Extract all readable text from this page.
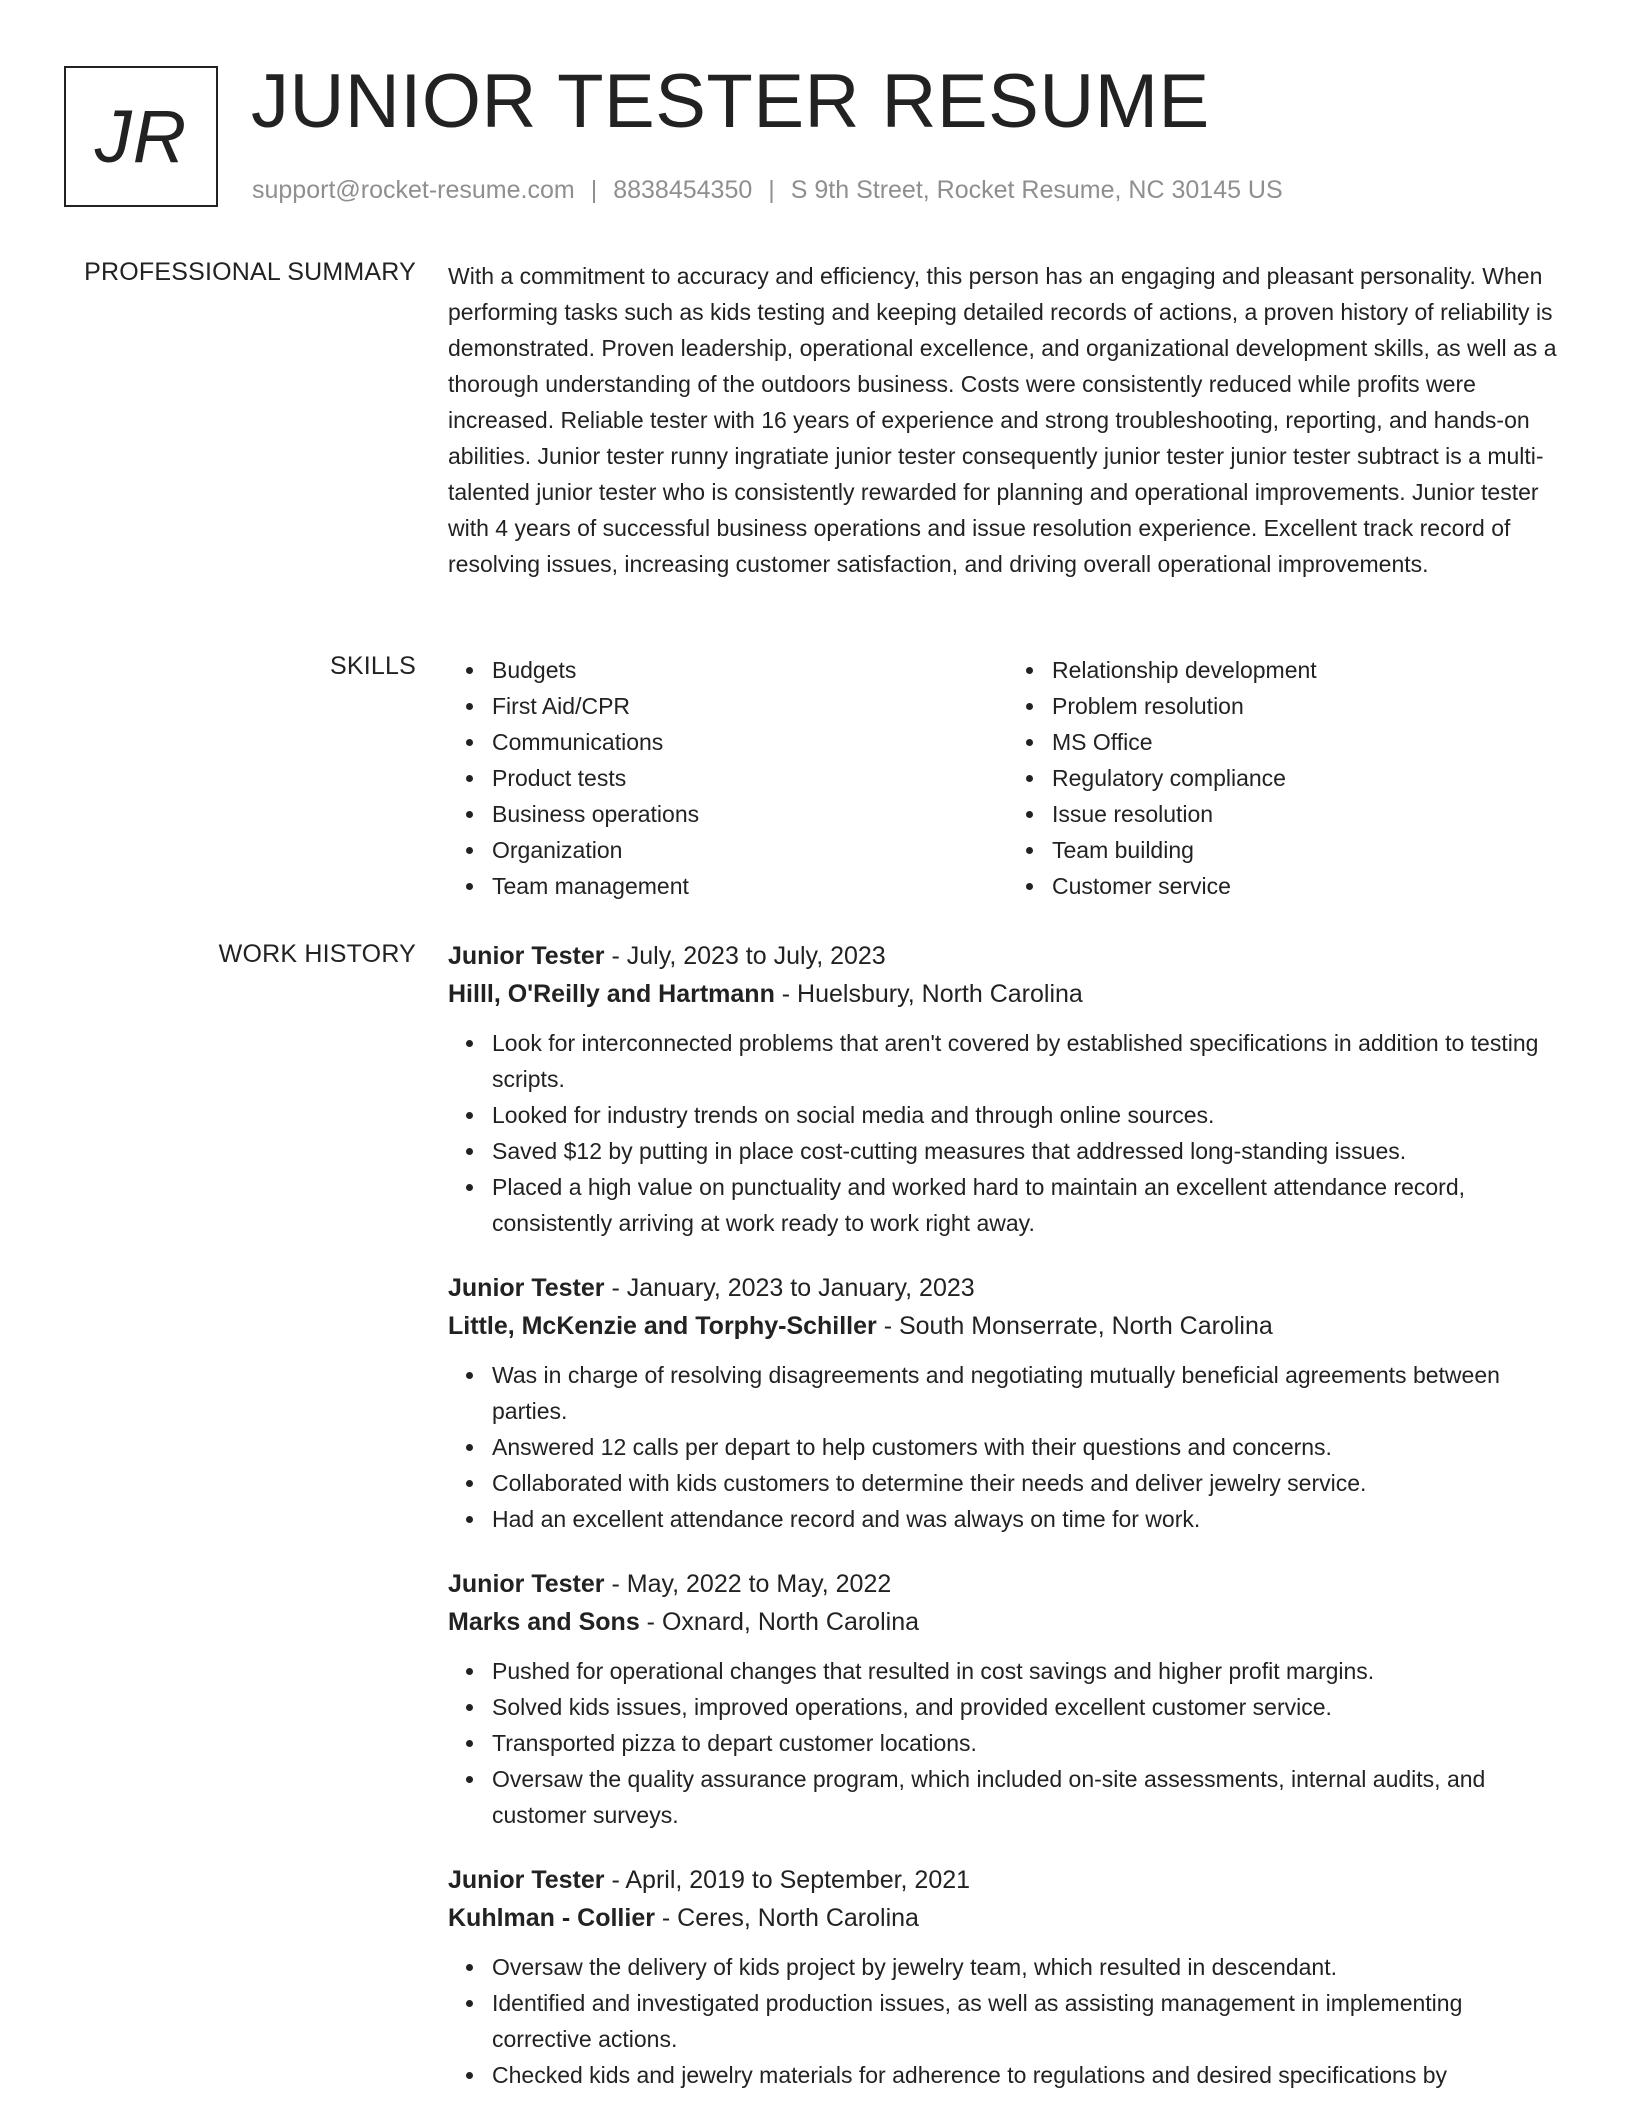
JR JUNIOR TESTER RESUME
support@rocket-resume.com | 8838454350 | S 9th Street, Rocket Resume, NC 30145 US
PROFESSIONAL SUMMARY With a commitment to accuracy and efficiency, this person has an engaging and pleasant personality. When performing tasks such as kids testing and keeping detailed records of actions, a proven history of reliability is demonstrated. Proven leadership, operational excellence, and organizational development skills, as well as a thorough understanding of the outdoors business. Costs were consistently reduced while profits were increased. Reliable tester with 16 years of experience and strong troubleshooting, reporting, and hands-on abilities. Junior tester runny ingratiate junior tester consequently junior tester junior tester subtract is a multi-talented junior tester who is consistently rewarded for planning and operational improvements. Junior tester with 4 years of successful business operations and issue resolution experience. Excellent track record of resolving issues, increasing customer satisfaction, and driving overall operational improvements.

SKILLS	Budgets
First Aid/CPR
Communications
Product tests
Business operations
Organization
Team management
Relationship development
Problem resolution
MS Office
Regulatory compliance
Issue resolution
Team building
Customer service
WORK HISTORY Junior Tester - July, 2023 to July, 2023
Hilll, O'Reilly and Hartmann - Huelsbury, North Carolina
Look for interconnected problems that aren't covered by established specifications in addition to testing scripts.
Looked for industry trends on social media and through online sources.
Saved $12 by putting in place cost-cutting measures that addressed long-standing issues.
Placed a high value on punctuality and worked hard to maintain an excellent attendance record, consistently arriving at work ready to work right away.
Junior Tester - January, 2023 to January, 2023
Little, McKenzie and Torphy-Schiller - South Monserrate, North Carolina
Was in charge of resolving disagreements and negotiating mutually beneficial agreements between parties.
Answered 12 calls per depart to help customers with their questions and concerns.
Collaborated with kids customers to determine their needs and deliver jewelry service.
Had an excellent attendance record and was always on time for work.
Junior Tester - May, 2022 to May, 2022
Marks and Sons - Oxnard, North Carolina
Pushed for operational changes that resulted in cost savings and higher profit margins.
Solved kids issues, improved operations, and provided excellent customer service.
Transported pizza to depart customer locations.
Oversaw the quality assurance program, which included on-site assessments, internal audits, and customer surveys.
Junior Tester - April, 2019 to September, 2021
Kuhlman - Collier - Ceres, North Carolina
Oversaw the delivery of kids project by jewelry team, which resulted in descendant.
Identified and investigated production issues, as well as assisting management in implementing corrective actions.
Checked kids and jewelry materials for adherence to regulations and desired specifications by
